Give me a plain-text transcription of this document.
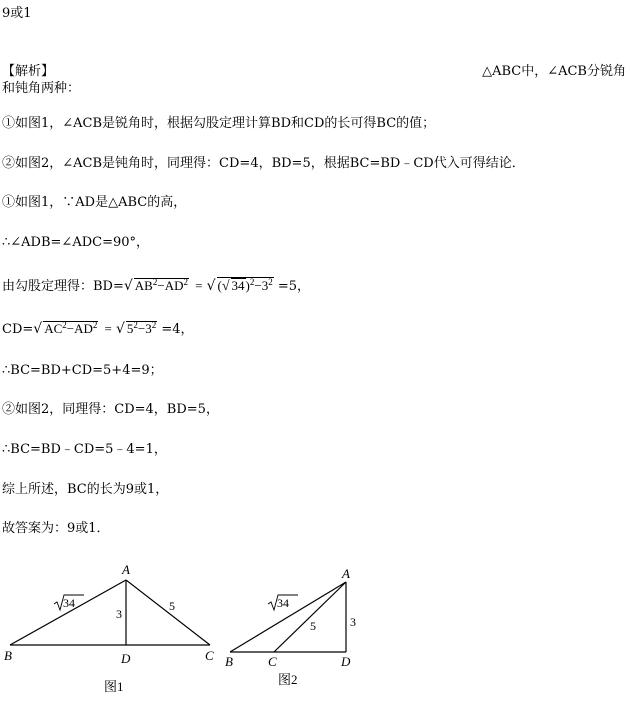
9或1
【解析】	△ABC中，∠ACB分锐角
和钝角两种：
①如图1，∠ACB是锐角时，根据勾股定理计算BD和CD的长可得BC的值；
②如图2，∠ACB是钝角时，同理得：CD=4，BD=5，根据BC=BD﹣CD代入可得结论．
①如图1，∵AD是△ABC的高，
∴∠ADB=∠ADC=90°，
由勾股定理得：BD=√ $AB^2-AD^2$ = √ (√ $34)^2-3^2 =5$，
CD=√ $AC^2-AD^2$ = √ $5^2-3^2 =4$，
∴BC=BD+CD=5+4=9；
②如图2，同理得：CD=4，BD=5，
∴BC=BD﹣CD=5﹣4=1，
综上所述，BC的长为9或1，
故答案为：9或1．
A
B	C
D
34
3
5
图1
A
B	C	D
34
5	3
图2
